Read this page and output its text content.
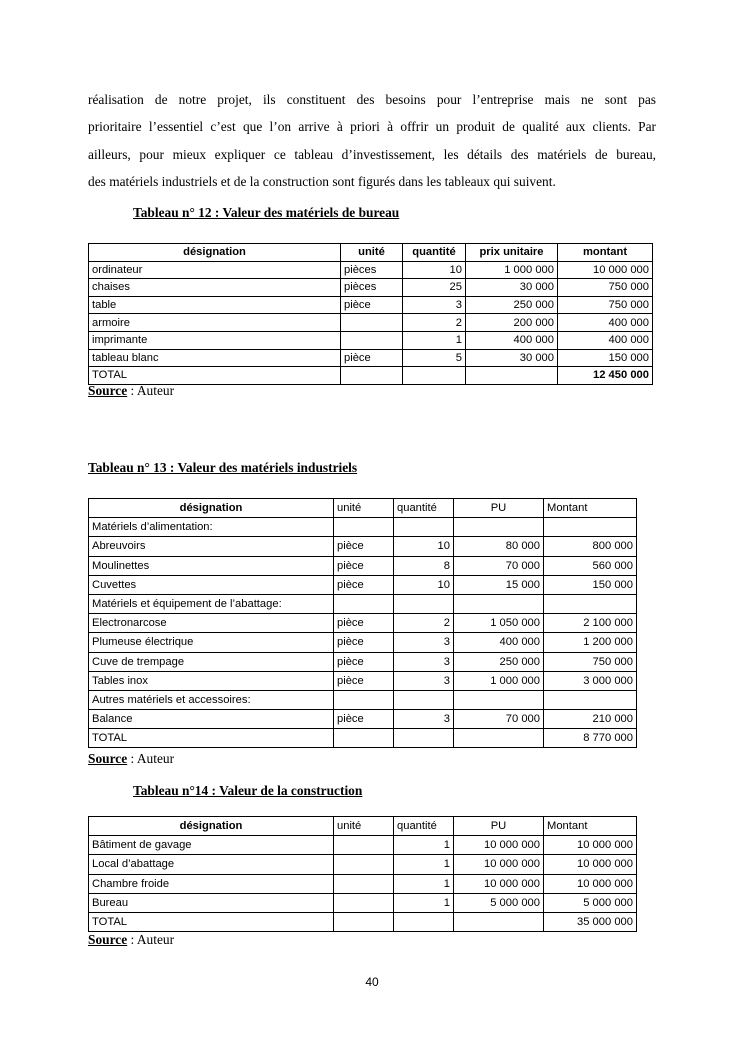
réalisation de notre projet, ils constituent des besoins pour l’entreprise mais ne sont pas
prioritaire l’essentiel c’est que l’on arrive à priori à offrir un produit de qualité aux clients. Par
ailleurs, pour mieux expliquer ce tableau d’investissement, les détails des matériels de bureau,
des matériels industriels et de la construction sont figurés dans les tableaux qui suivent.
Tableau n° 12 : Valeur des matériels de bureau
désignation	unité	quantité	prix unitaire	montant
ordinateur	pièces	10	1 000 000	10 000 000
chaises	pièces	25	30 000	750 000
table	pièce	3	250 000	750 000
armoire		2	200 000	400 000
imprimante		1	400 000	400 000
tableau blanc	pièce	5	30 000	150 000
TOTAL				12 450 000
Source : Auteur
Tableau n° 13 : Valeur des matériels industriels
désignation	unité	quantité	PU	Montant
Matériels d’alimentation:				
Abreuvoirs	pièce	10	80 000	800 000
Moulinettes	pièce	8	70 000	560 000
Cuvettes	pièce	10	15 000	150 000
Matériels et équipement de l’abattage:				
Electronarcose	pièce	2	1 050 000	2 100 000
Plumeuse électrique	pièce	3	400 000	1 200 000
Cuve de trempage	pièce	3	250 000	750 000
Tables inox	pièce	3	1 000 000	3 000 000
Autres matériels et accessoires:				
Balance	pièce	3	70 000	210 000
TOTAL				8 770 000
Source : Auteur
Tableau n°14 : Valeur de la construction
désignation	unité	quantité	PU	Montant
Bâtiment de gavage		1	10 000 000	10 000 000
Local d’abattage		1	10 000 000	10 000 000
Chambre froide		1	10 000 000	10 000 000
Bureau		1	5 000 000	5 000 000
TOTAL				35 000 000
Source : Auteur
40
